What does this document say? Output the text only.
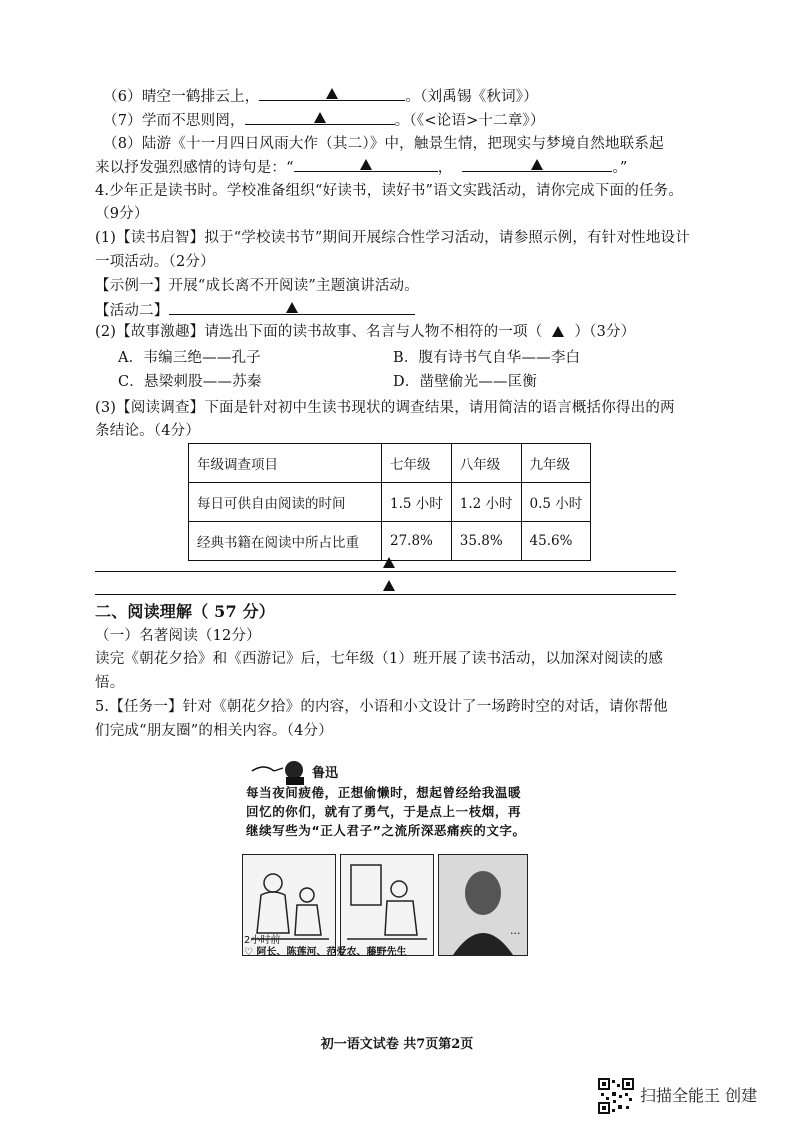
（6）晴空一鹤排云上，	。（刘禹锡《秋词》）
（7）学而不思则罔，	。（《<论语>十二章》）
（8）陆游《十一月四日风雨大作（其二）》中，触景生情，把现实与梦境自然地联系起
来以抒发强烈感情的诗句是：“	，	。”
4.少年正是读书时。学校准备组织“好读书，读好书”语文实践活动，请你完成下面的任务。
（9分）
(1)【读书启智】拟于“学校读书节”期间开展综合性学习活动，请参照示例，有针对性地设计
一项活动。（2分）
【示例一】开展“成长离不开阅读”主题演讲活动。
【活动二】
(2)【故事激趣】请选出下面的读书故事、名言与人物不相符的一项（ ）（3分）
A．韦编三绝——孔子	B．腹有诗书气自华——李白
C．悬梁刺股——苏秦	D．凿壁偷光——匡衡
(3)【阅读调查】下面是针对初中生读书现状的调查结果，请用简洁的语言概括你得出的两
条结论。（4分）
年级调查项目	七年级	八年级	九年级
每日可供自由阅读的时间	1.5 小时	1.2 小时	0.5 小时
经典书籍在阅读中所占比重	27.8%	35.8%	45.6%
二、阅读理解（ 57 分）
（一）名著阅读（12分）
读完《朝花夕拾》和《西游记》后，七年级（1）班开展了读书活动，以加深对阅读的感
悟。
5.【任务一】针对《朝花夕拾》的内容，小语和小文设计了一场跨时空的对话，请你帮他
们完成“朋友圈”的相关内容。（4分）
鲁迅
每当夜间疲倦，正想偷懒时，想起曾经给我温暖回忆的你们，就有了勇气，于是点上一枝烟，再继续写些为“正人君子”之流所深恶痛疾的文字。
2小时前
♡ 阿长、陈莲河、范爱农、藤野先生
···
初一语文试卷 共7页第2页
扫描全能王 创建
